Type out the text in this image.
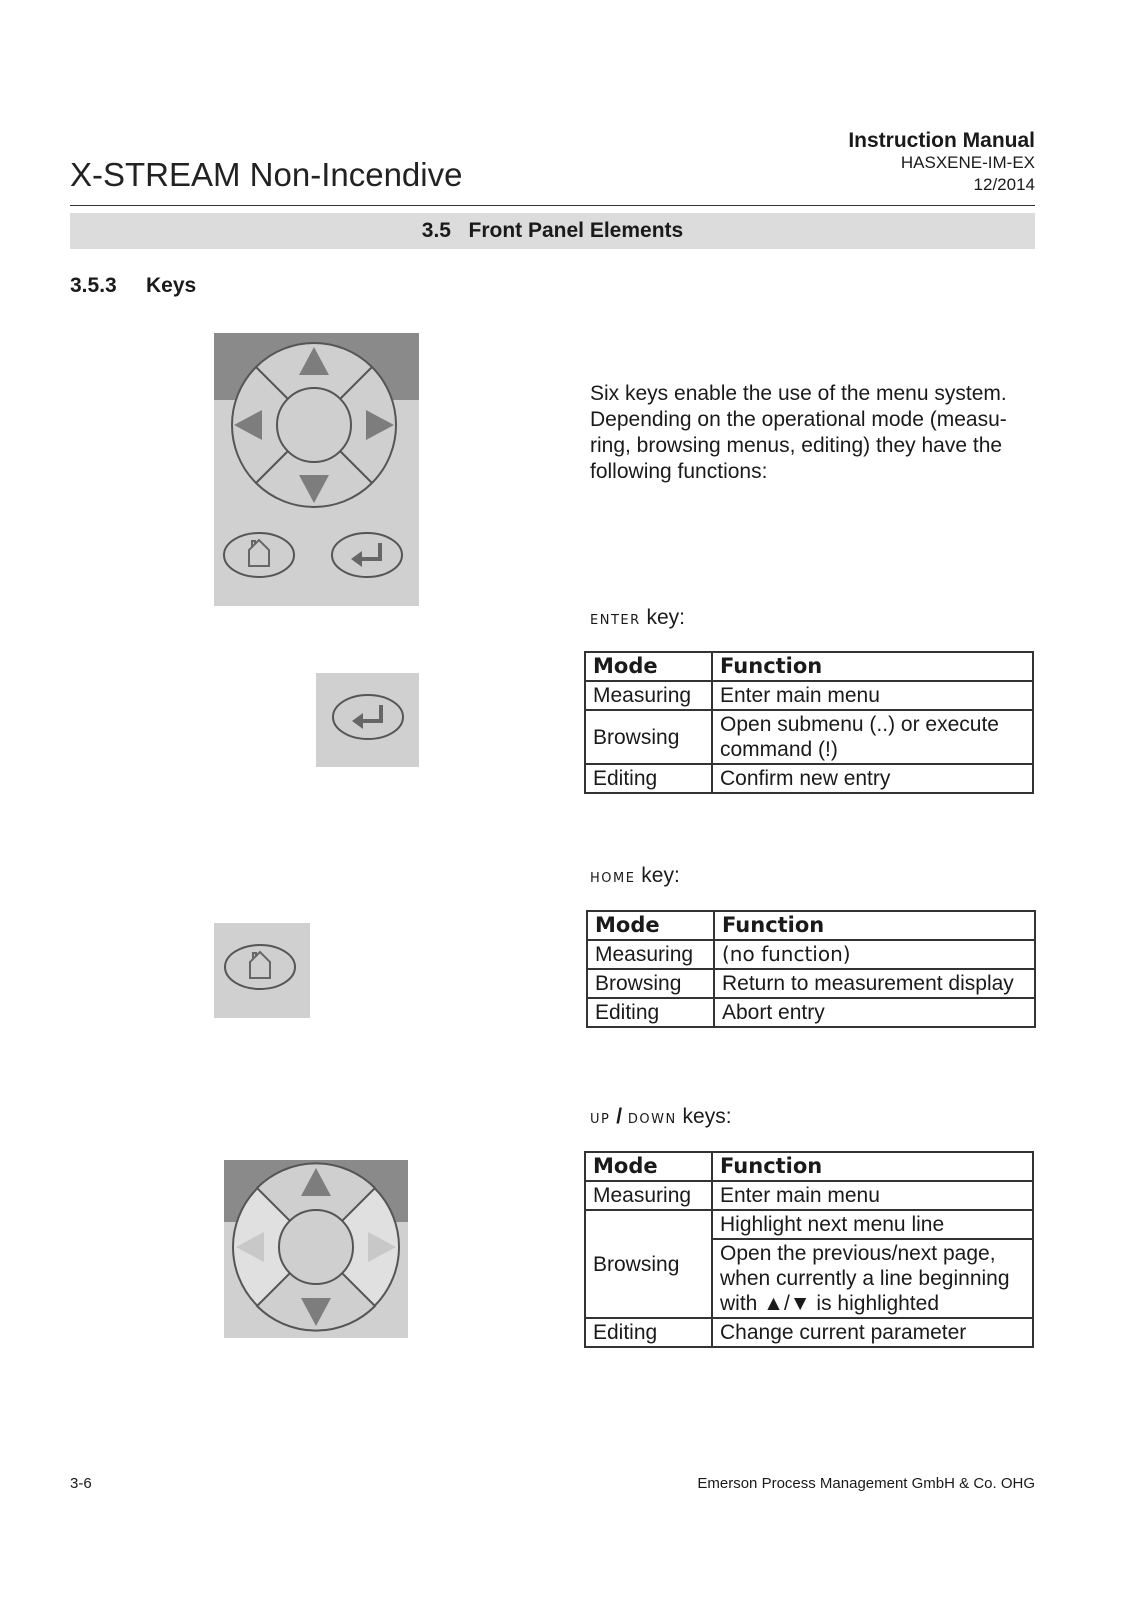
X-STREAM Non-Incendive
Instruction Manual
HASXENE-IM-EX
12/2014
3.5 Front Panel Elements
3.5.3 Keys
Six keys enable the use of the menu system. Depending on the operational mode (measu-ring, browsing menus, editing) they have the following functions:
ENTER key:
Mode	Function
Measuring	Enter main menu
Browsing	Open submenu (..) or execute command (!)
Editing	Confirm new entry
HOME key:
Mode	Function
Measuring	(no function)
Browsing	Return to measurement display
Editing	Abort entry
UP / DOWN keys:
Mode	Function
Measuring	Enter main menu
Browsing	Highlight next menu line
	Open the previous/next page, when currently a line beginning with ▲/▼ is highlighted
Editing	Change current parameter
3-6	Emerson Process Management GmbH & Co. OHG
